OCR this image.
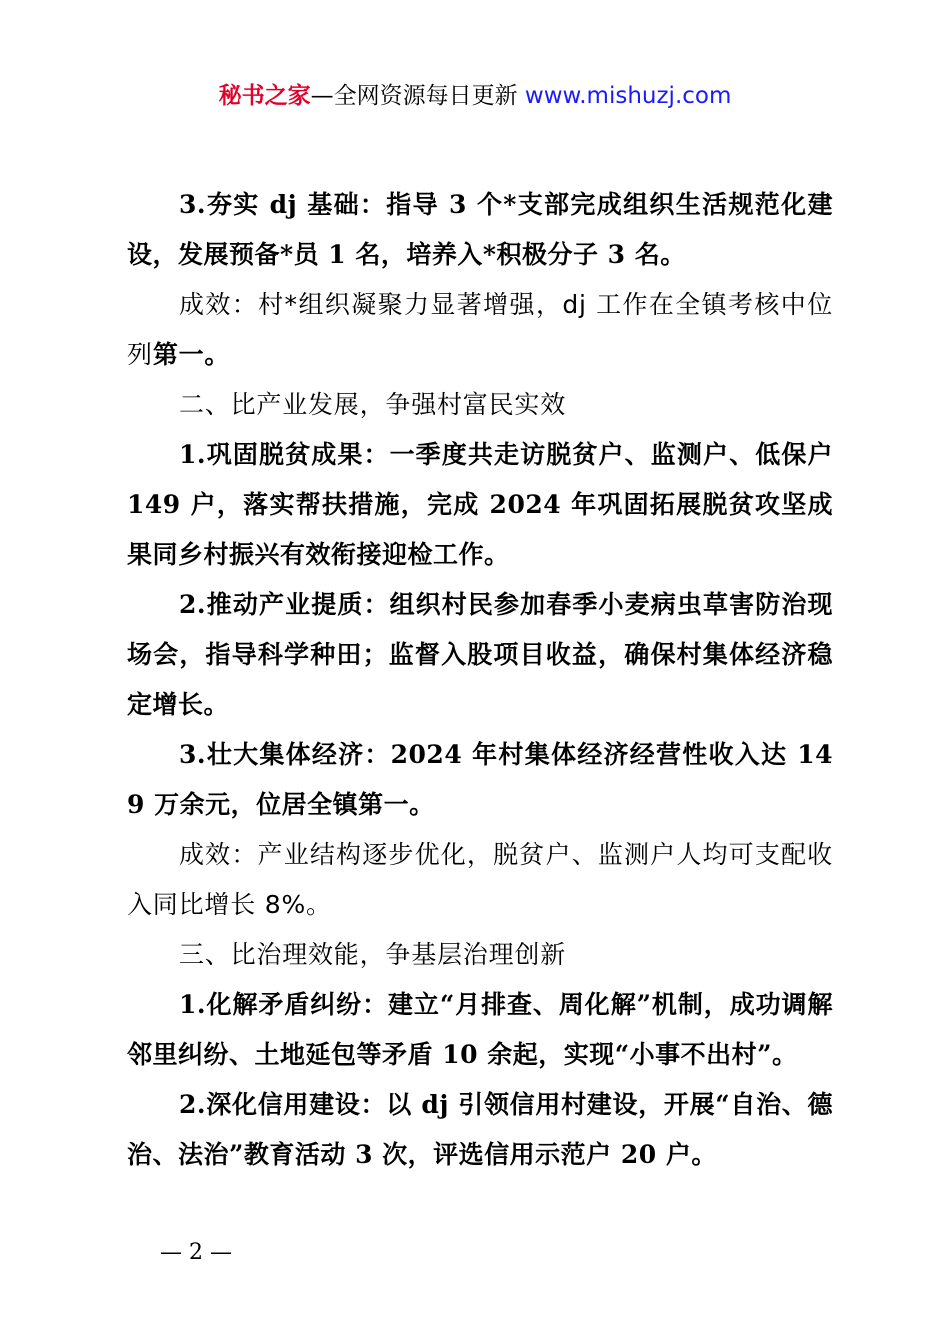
秘书之家—全网资源每日更新 www.mishuzj.com

3.夯实 dj 基础：指导 3 个*支部完成组织生活规范化建设，发展预备*员 1 名，培养入*积极分子 3 名。

成效：村*组织凝聚力显著增强，dj 工作在全镇考核中位列第一。

二、比产业发展，争强村富民实效

1.巩固脱贫成果：一季度共走访脱贫户、监测户、低保户 149 户，落实帮扶措施，完成 2024 年巩固拓展脱贫攻坚成果同乡村振兴有效衔接迎检工作。

2.推动产业提质：组织村民参加春季小麦病虫草害防治现场会，指导科学种田；监督入股项目收益，确保村集体经济稳定增长。

3.壮大集体经济：2024 年村集体经济经营性收入达 149 万余元，位居全镇第一。

成效：产业结构逐步优化，脱贫户、监测户人均可支配收入同比增长 8%。

三、比治理效能，争基层治理创新

1.化解矛盾纠纷：建立“月排查、周化解”机制，成功调解邻里纠纷、土地延包等矛盾 10 余起，实现“小事不出村”。

2.深化信用建设：以 dj 引领信用村建设，开展“自治、德治、法治”教育活动 3 次，评选信用示范户 20 户。

— 2 —
